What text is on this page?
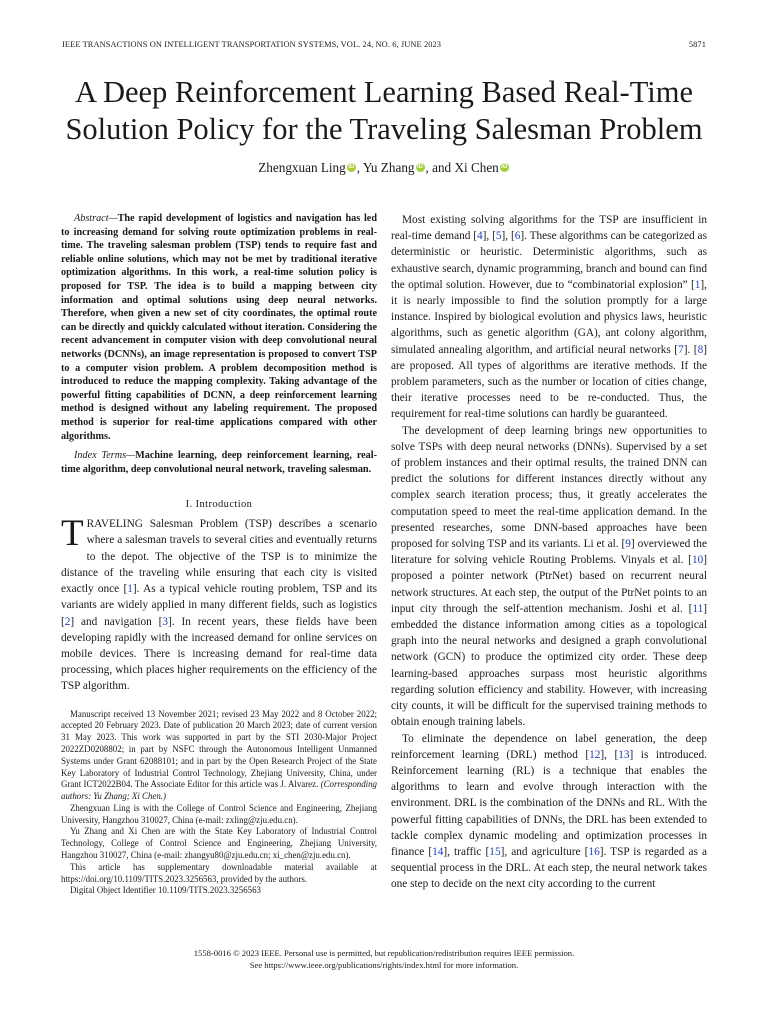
IEEE TRANSACTIONS ON INTELLIGENT TRANSPORTATION SYSTEMS, VOL. 24, NO. 6, JUNE 2023	5871
A Deep Reinforcement Learning Based Real-Time
Solution Policy for the Traveling Salesman Problem
Zhengxuan Ling iD , Yu Zhang iD , and Xi Chen iD

Abstract—The rapid development of logistics and navigation has led to increasing demand for solving route optimization problems in real-time. The traveling salesman problem (TSP) tends to require fast and reliable online solutions, which may not be met by traditional iterative optimization algorithms. In this work, a real-time solution policy is proposed for TSP. The idea is to build a mapping between city information and optimal solutions using deep neural networks. Therefore, when given a new set of city coordinates, the optimal route can be directly and quickly calculated without iteration. Considering the recent advancement in computer vision with deep convolutional neural networks (DCNNs), an image representation is proposed to convert TSP to a computer vision problem. A problem decomposition method is introduced to reduce the mapping complexity. Taking advantage of the powerful fitting capabilities of DCNN, a deep reinforcement learning method is designed without any labeling requirement. The proposed method is superior for real-time applications compared with other algorithms.

Index Terms—Machine learning, deep reinforcement learning, real-time algorithm, deep convolutional neural network, traveling salesman.

I. Introduction

TRAVELING Salesman Problem (TSP) describes a scenario where a salesman travels to several cities and eventually returns to the depot. The objective of the TSP is to minimize the distance of the traveling while ensuring that each city is visited exactly once [1]. As a typical vehicle routing problem, TSP and its variants are widely applied in many different fields, such as logistics [2] and navigation [3]. In recent years, these fields have been developing rapidly with the increased demand for online services on mobile devices. There is increasing demand for real-time data processing, which places higher requirements on the efficiency of the TSP algorithm.

Manuscript received 13 November 2021; revised 23 May 2022 and 8 October 2022; accepted 20 February 2023. Date of publication 20 March 2023; date of current version 31 May 2023. This work was supported in part by the STI 2030-Major Project 2022ZD0208802; in part by NSFC through the Autonomous Intelligent Unmanned Systems under Grant 62088101; and in part by the Open Research Project of the State Key Laboratory of Industrial Control Technology, Zhejiang University, China, under Grant ICT2022B04. The Associate Editor for this article was J. Alvarez. (Corresponding authors: Yu Zhang; Xi Chen.)

Zhengxuan Ling is with the College of Control Science and Engineering, Zhejiang University, Hangzhou 310027, China (e-mail: zxling@zju.edu.cn).

Yu Zhang and Xi Chen are with the State Key Laboratory of Industrial Control Technology, College of Control Science and Engineering, Zhejiang University, Hangzhou 310027, China (e-mail: zhangyu80@zju.edu.cn; xi_chen@zju.edu.cn).

This article has supplementary downloadable material available at https://doi.org/10.1109/TITS.2023.3256563, provided by the authors.

Digital Object Identifier 10.1109/TITS.2023.3256563

Most existing solving algorithms for the TSP are insufficient in real-time demand [4], [5], [6]. These algorithms can be categorized as deterministic or heuristic. Deterministic algorithms, such as exhaustive search, dynamic programming, branch and bound can find the optimal solution. However, due to “combinatorial explosion” [1], it is nearly impossible to find the solution promptly for a large instance. Inspired by biological evolution and physics laws, heuristic algorithms, such as genetic algorithm (GA), ant colony algorithm, simulated annealing algorithm, and artificial neural networks [7]. [8] are proposed. All types of algorithms are iterative methods. If the problem parameters, such as the number or location of cities change, their iterative processes need to be re-conducted. Thus, the requirement for real-time solutions can hardly be guaranteed.

The development of deep learning brings new opportunities to solve TSPs with deep neural networks (DNNs). Supervised by a set of problem instances and their optimal results, the trained DNN can predict the solutions for different instances directly without any complex search iteration process; thus, it greatly accelerates the computation speed to meet the real-time application demand. In the presented researches, some DNN-based approaches have been proposed for solving TSP and its variants. Li et al. [9] overviewed the literature for solving vehicle Routing Problems. Vinyals et al. [10] proposed a pointer network (PtrNet) based on recurrent neural network structures. At each step, the output of the PtrNet points to an input city through the self-attention mechanism. Joshi et al. [11] embedded the distance information among cities as a topological graph into the neural networks and designed a graph convolutional network (GCN) to produce the optimized city order. These deep learning-based approaches surpass most heuristic algorithms regarding solution efficiency and stability. However, with increasing city counts, it will be difficult for the supervised training methods to obtain enough training labels.

To eliminate the dependence on label generation, the deep reinforcement learning (DRL) method [12], [13] is introduced. Reinforcement learning (RL) is a technique that enables the algorithms to learn and evolve through interaction with the environment. DRL is the combination of the DNNs and RL. With the powerful fitting capabilities of DNNs, the DRL has been extended to tackle complex dynamic modeling and optimization processes in finance [14], traffic [15], and agriculture [16]. TSP is regarded as a sequential process in the DRL. At each step, the neural network takes one step to decide on the next city according to the current

1558-0016 © 2023 IEEE. Personal use is permitted, but republication/redistribution requires IEEE permission.
See https://www.ieee.org/publications/rights/index.html for more information.
